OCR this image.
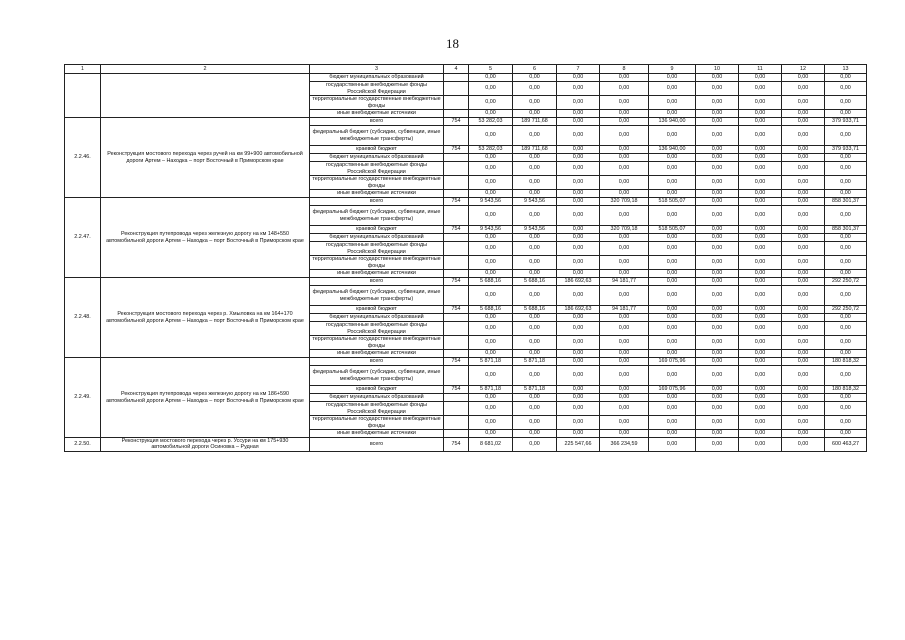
18
1	2	3	4	5	6	7	8	9	10	11	12	13
		бюджет муниципальных образований		0,00	0,00	0,00	0,00	0,00	0,00	0,00	0,00	0,00
		государственные внебюджетные фонды Российской Федерации		0,00	0,00	0,00	0,00	0,00	0,00	0,00	0,00	0,00
		территориальные государственные внебюджетные фонды		0,00	0,00	0,00	0,00	0,00	0,00	0,00	0,00	0,00
		иные внебюджетные источники		0,00	0,00	0,00	0,00	0,00	0,00	0,00	0,00	0,00
2.2.46.	Реконструкция мостового перехода через ручей на км 99+900 автомобильной дороги Артем – Находка – порт Восточный в Приморском крае	всего	754	53 282,03	189 711,68	0,00	0,00	136 940,00	0,00	0,00	0,00	379 933,71
		федеральный бюджет (субсидии, субвенции, иные межбюджетные трансферты)		0,00	0,00	0,00	0,00	0,00	0,00	0,00	0,00	0,00
		краевой бюджет	754	53 282,03	189 711,68	0,00	0,00	136 940,00	0,00	0,00	0,00	379 933,71
		бюджет муниципальных образований		0,00	0,00	0,00	0,00	0,00	0,00	0,00	0,00	0,00
		государственные внебюджетные фонды Российской Федерации		0,00	0,00	0,00	0,00	0,00	0,00	0,00	0,00	0,00
		территориальные государственные внебюджетные фонды		0,00	0,00	0,00	0,00	0,00	0,00	0,00	0,00	0,00
		иные внебюджетные источники		0,00	0,00	0,00	0,00	0,00	0,00	0,00	0,00	0,00
2.2.47.	Реконструкция путепровода через железную дорогу на км 148+550 автомобильной дороги Артем – Находка – порт Восточный в Приморском крае	всего	754	9 543,56	9 543,56	0,00	320 709,18	518 505,07	0,00	0,00	0,00	858 301,37
		федеральный бюджет (субсидии, субвенции, иные межбюджетные трансферты)		0,00	0,00	0,00	0,00	0,00	0,00	0,00	0,00	0,00
		краевой бюджет	754	9 543,56	9 543,56	0,00	320 709,18	518 505,07	0,00	0,00	0,00	858 301,37
		бюджет муниципальных образований		0,00	0,00	0,00	0,00	0,00	0,00	0,00	0,00	0,00
		государственные внебюджетные фонды Российской Федерации		0,00	0,00	0,00	0,00	0,00	0,00	0,00	0,00	0,00
		территориальные государственные внебюджетные фонды		0,00	0,00	0,00	0,00	0,00	0,00	0,00	0,00	0,00
		иные внебюджетные источники		0,00	0,00	0,00	0,00	0,00	0,00	0,00	0,00	0,00
2.2.48.	Реконструкция мостового перехода через р. Хмыловка на км 164+170 автомобильной дороги Артем – Находка – порт Восточный в Приморском крае	всего	754	5 688,16	5 688,16	186 692,63	94 181,77	0,00	0,00	0,00	0,00	292 250,72
		федеральный бюджет (субсидии, субвенции, иные межбюджетные трансферты)		0,00	0,00	0,00	0,00	0,00	0,00	0,00	0,00	0,00
		краевой бюджет	754	5 688,16	5 688,16	186 692,63	94 181,77	0,00	0,00	0,00	0,00	292 250,72
		бюджет муниципальных образований		0,00	0,00	0,00	0,00	0,00	0,00	0,00	0,00	0,00
		государственные внебюджетные фонды Российской Федерации		0,00	0,00	0,00	0,00	0,00	0,00	0,00	0,00	0,00
		территориальные государственные внебюджетные фонды		0,00	0,00	0,00	0,00	0,00	0,00	0,00	0,00	0,00
		иные внебюджетные источники		0,00	0,00	0,00	0,00	0,00	0,00	0,00	0,00	0,00
2.2.49.	Реконструкция путепровода через железную дорогу на км 186+590 автомобильной дороги Артем – Находка – порт Восточный в Приморском крае	всего	754	5 871,18	5 871,18	0,00	0,00	169 075,96	0,00	0,00	0,00	180 818,32
		федеральный бюджет (субсидии, субвенции, иные межбюджетные трансферты)		0,00	0,00	0,00	0,00	0,00	0,00	0,00	0,00	0,00
		краевой бюджет	754	5 871,18	5 871,18	0,00	0,00	169 075,96	0,00	0,00	0,00	180 818,32
		бюджет муниципальных образований		0,00	0,00	0,00	0,00	0,00	0,00	0,00	0,00	0,00
		государственные внебюджетные фонды Российской Федерации		0,00	0,00	0,00	0,00	0,00	0,00	0,00	0,00	0,00
		территориальные государственные внебюджетные фонды		0,00	0,00	0,00	0,00	0,00	0,00	0,00	0,00	0,00
		иные внебюджетные источники		0,00	0,00	0,00	0,00	0,00	0,00	0,00	0,00	0,00
2.2.50.	Реконструкция мостового перехода через р. Уссури на км 175+930 автомобильной дороги Осиновка – Рудная	всего	754	8 681,02	0,00	225 547,66	366 234,59	0,00	0,00	0,00	0,00	600 463,27
